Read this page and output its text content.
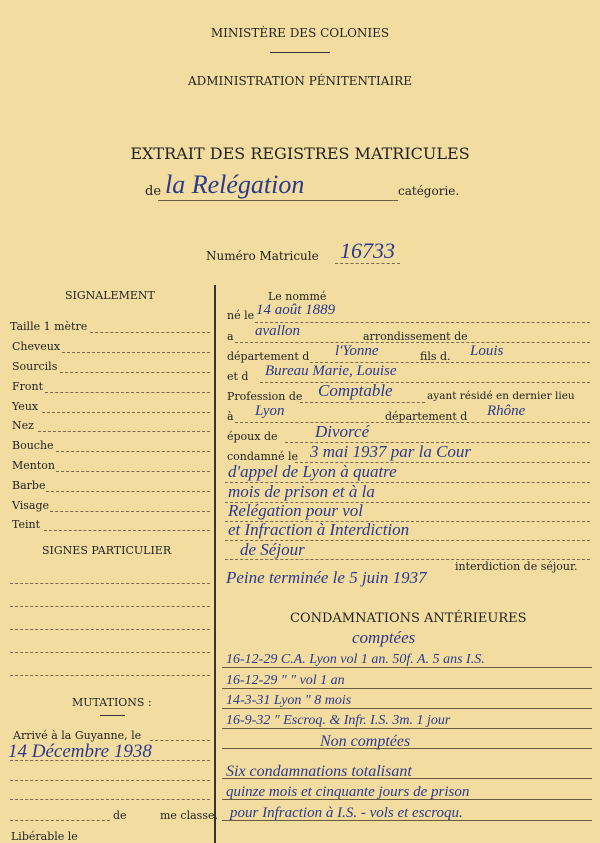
MINISTÈRE DES COLONIES
ADMINISTRATION PÉNITENTIAIRE
EXTRAIT DES REGISTRES MATRICULES
de la Relégation	catégorie.
Numéro Matricule 16733
SIGNALEMENT
Taille 1 mètre
Cheveux
Sourcils
Front
Yeux
Nez
Bouche
Menton
Barbe
Visage
Teint
SIGNES PARTICULIER
MUTATIONS :
Arrivé à la Guyanne, le
14 Décembre 1938
de	me classe.
Libérable le
Le nommé
né le 14 août 1889
a avallon	arrondissement de
département d l'Yonne	fils d. Louis
et d Bureau Marie, Louise
Profession de Comptable	ayant résidé en dernier lieu
à Lyon	département d Rhône
époux de Divorcé
condamné le 3 mai 1937 par la Cour
d'appel de Lyon à quatre
mois de prison et à la
Relégation pour vol
et Infraction à Interdiction
de Séjour
interdiction de séjour.
Peine terminée le 5 juin 1937
CONDAMNATIONS ANTÉRIEURES
comptées
16-12-29 C.A. Lyon vol 1 an. 50f. A. 5 ans I.S.
16-12-29 " " vol 1 an
14-3-31 Lyon " 8 mois
16-9-32 " Escroq. & Infr. I.S. 3m. 1 jour
Non comptées
Six condamnations totalisant
quinze mois et cinquante jours de prison
pour Infraction à I.S. - vols et escroqu.
